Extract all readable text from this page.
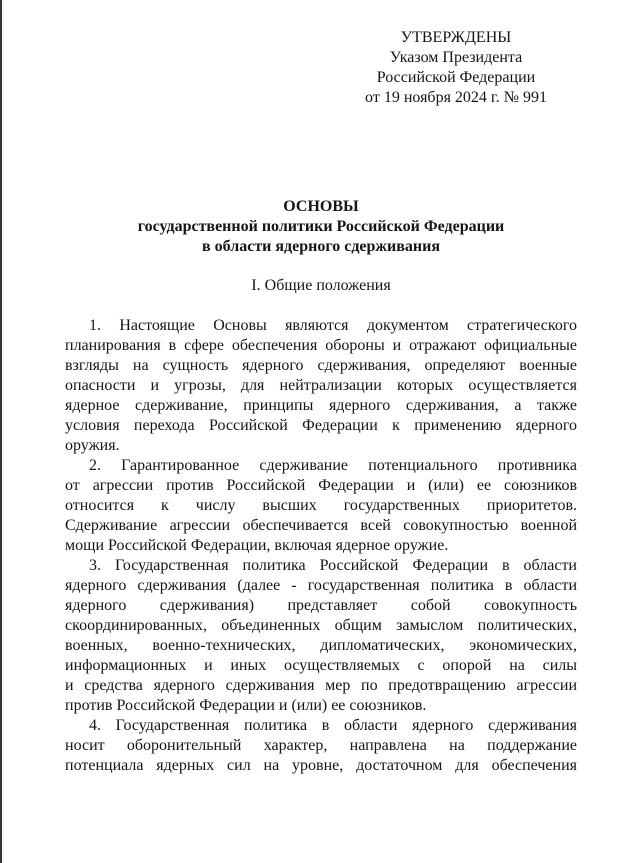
УТВЕРЖДЕНЫ
Указом Президента
Российской Федерации
от 19 ноября 2024 г. № 991
ОСНОВЫ
государственной политики Российской Федерации
в области ядерного сдерживания
I. Общие положения

1. Настоящие Основы являются документом стратегического
планирования в сфере обеспечения обороны и отражают официальные
взгляды на сущность ядерного сдерживания, определяют военные
опасности и угрозы, для нейтрализации которых осуществляется
ядерное сдерживание, принципы ядерного сдерживания, а также
условия перехода Российской Федерации к применению ядерного
оружия.

2. Гарантированное сдерживание потенциального противника
от агрессии против Российской Федерации и (или) ее союзников
относится к числу высших государственных приоритетов.
Сдерживание агрессии обеспечивается всей совокупностью военной
мощи Российской Федерации, включая ядерное оружие.

3. Государственная политика Российской Федерации в области
ядерного сдерживания (далее - государственная политика в области
ядерного сдерживания) представляет собой совокупность
скоординированных, объединенных общим замыслом политических,
военных, военно-технических, дипломатических, экономических,
информационных и иных осуществляемых с опорой на силы
и средства ядерного сдерживания мер по предотвращению агрессии
против Российской Федерации и (или) ее союзников.

4. Государственная политика в области ядерного сдерживания
носит оборонительный характер, направлена на поддержание
потенциала ядерных сил на уровне, достаточном для обеспечения
